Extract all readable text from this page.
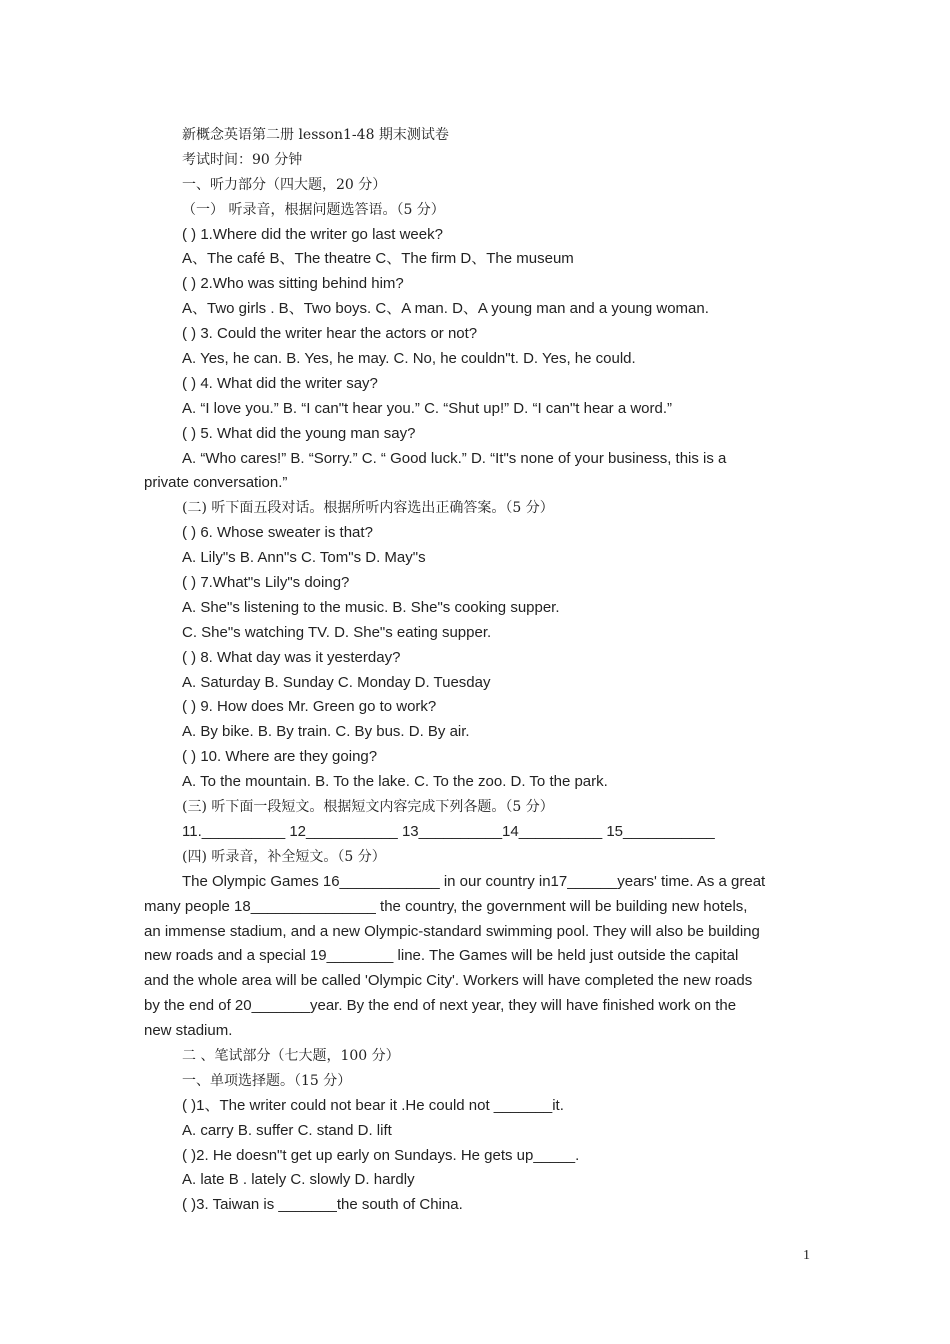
新概念英语第二册 lesson1-48 期末测试卷
考试时间：90 分钟
一、听力部分（四大题，20 分）
（一） 听录音，根据问题选答语。（5 分）
( ) 1.Where did the writer go last week?
A、The café B、The theatre C、The firm D、The museum
( ) 2.Who was sitting behind him?
A、Two girls . B、Two boys. C、A man. D、A young man and a young woman.
( ) 3. Could the writer hear the actors or not?
A. Yes, he can. B. Yes, he may. C. No, he couldn"t. D. Yes, he could.
( ) 4. What did the writer say?
A. “I love you.” B. “I can"t hear you.” C. “Shut up!” D. “I can"t hear a word.”
( ) 5. What did the young man say?
A. “Who cares!” B. “Sorry.” C. “ Good luck.” D. “It"s none of your business, this is a
private conversation.”
(二) 听下面五段对话。根据所听内容选出正确答案。（5 分）
( ) 6. Whose sweater is that?
A. Lily"s B. Ann"s C. Tom"s D. May"s
( ) 7.What"s Lily"s doing?
A. She"s listening to the music. B. She"s cooking supper.
C. She"s watching TV. D. She"s eating supper.
( ) 8. What day was it yesterday?
A. Saturday B. Sunday C. Monday D. Tuesday
( ) 9. How does Mr. Green go to work?
A. By bike. B. By train. C. By bus. D. By air.
( ) 10. Where are they going?
A. To the mountain. B. To the lake. C. To the zoo. D. To the park.
(三) 听下面一段短文。根据短文内容完成下列各题。（5 分）
11.__________ 12___________ 13__________14__________ 15___________
(四) 听录音，补全短文。（5 分）
The Olympic Games 16____________ in our country in17______years' time. As a great
many people 18_______________ the country, the government will be building new hotels,
an immense stadium, and a new Olympic-standard swimming pool. They will also be building
new roads and a special 19________ line. The Games will be held just outside the capital
and the whole area will be called 'Olympic City'. Workers will have completed the new roads
by the end of 20_______year. By the end of next year, they will have finished work on the
new stadium.
二 、笔试部分（七大题，100 分）
一、单项选择题。（15 分）
( )1、The writer could not bear it .He could not _______it.
A. carry B. suffer C. stand D. lift
( )2. He doesn"t get up early on Sundays. He gets up_____.
A. late B . lately C. slowly D. hardly
( )3. Taiwan is _______the south of China.
1
